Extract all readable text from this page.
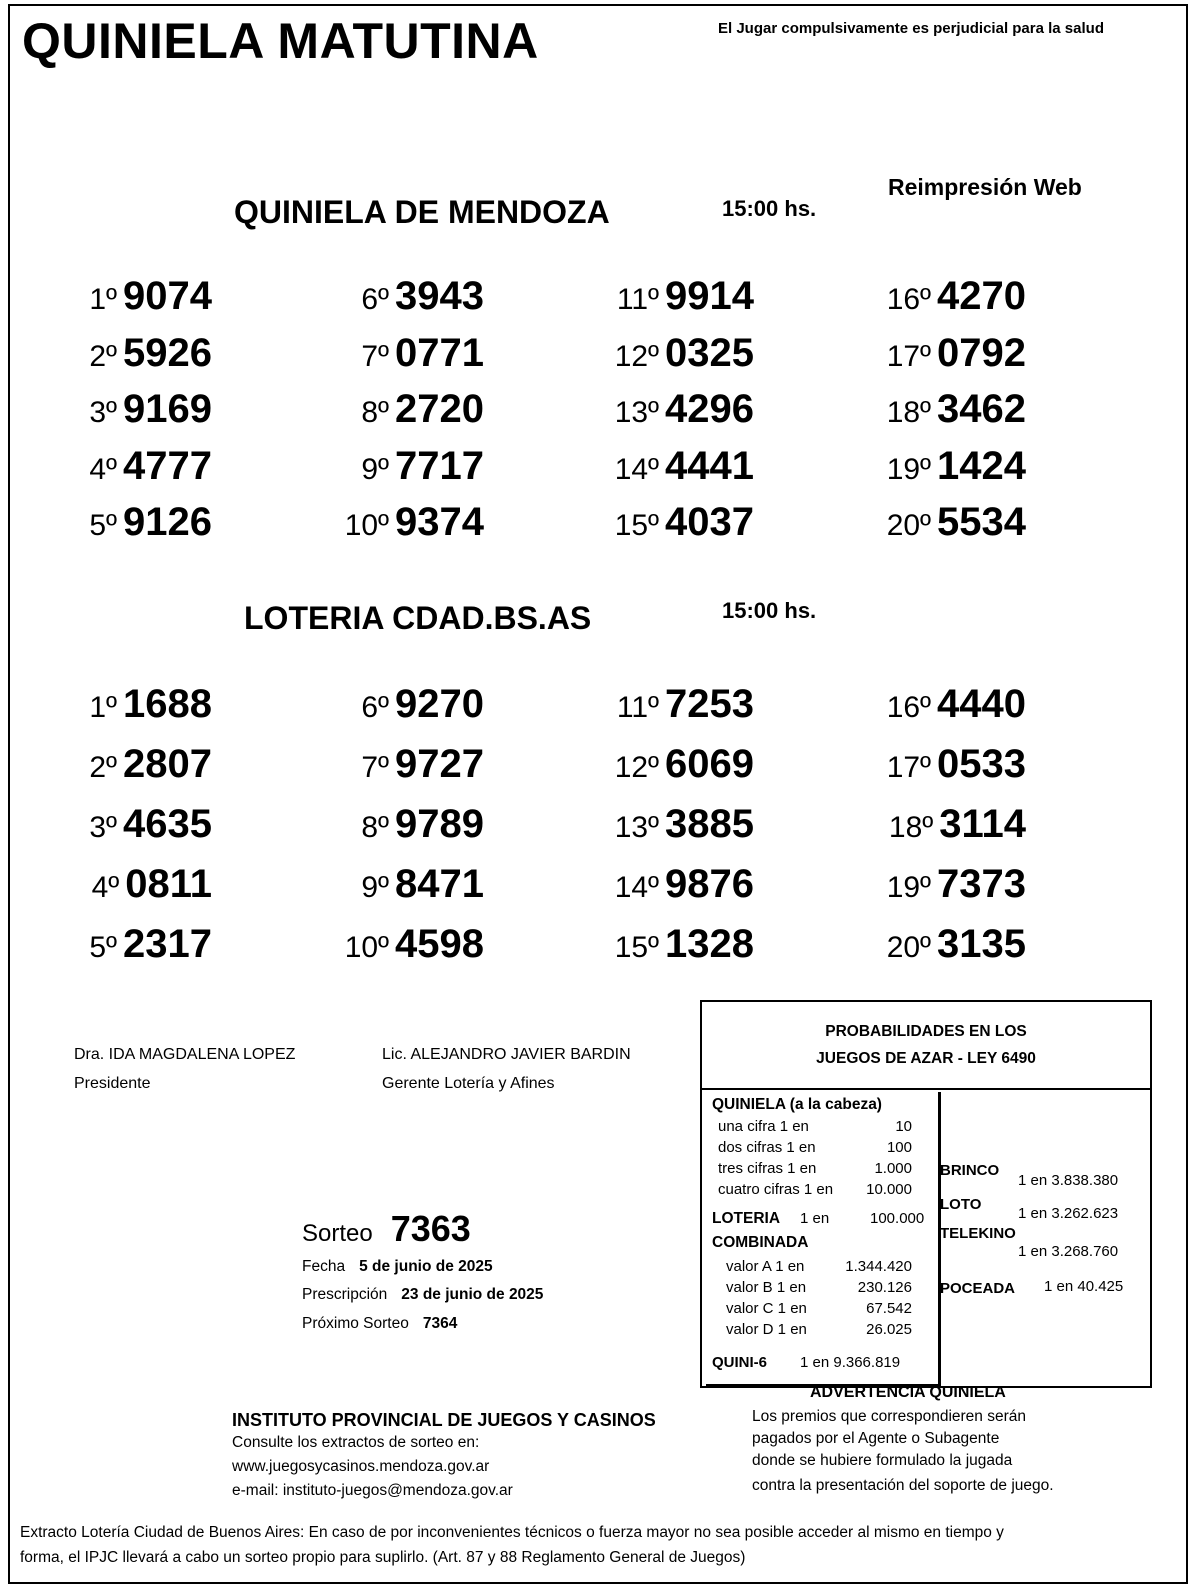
QUINIELA MATUTINA	El Jugar compulsivamente es perjudicial para la salud
Reimpresión Web
QUINIELA DE MENDOZA	15:00 hs.
1º 9074
2º 5926
3º 9169
4º 4777
5º 9126
6º 3943
7º 0771
8º 2720
9º 7717
10º 9374
11º 9914
12º 0325
13º 4296
14º 4441
15º 4037
16º 4270
17º 0792
18º 3462
19º 1424
20º 5534
LOTERIA CDAD.BS.AS	15:00 hs.
1º 1688
2º 2807
3º 4635
4º 0811
5º 2317
6º 9270
7º 9727
8º 9789
9º 8471
10º 4598
11º 7253
12º 6069
13º 3885
14º 9876
15º 1328
16º 4440
17º 0533
18º 3114
19º 7373
20º 3135
Dra. IDA MAGDALENA LOPEZ
Presidente
Lic. ALEJANDRO JAVIER BARDIN
Gerente Lotería y Afines
Sorteo 7363
Fecha 5 de junio de 2025
Prescripción 23 de junio de 2025
Próximo Sorteo 7364
PROBABILIDADES EN LOS
JUEGOS DE AZAR - LEY 6490
QUINIELA (a la cabeza)
una cifra 1 en	10
dos cifras 1 en	100
tres cifras 1 en	1.000
cuatro cifras 1 en 10.000
LOTERIA 1 en	100.000
COMBINADA
valor A 1 en	1.344.420
valor B 1 en	230.126
valor C 1 en	67.542
valor D 1 en	26.025
QUINI-6 1 en 9.366.819
BRINCO
1 en 3.838.380
LOTO
1 en 3.262.623
TELEKINO
1 en 3.268.760
POCEADA 1 en 40.425
INSTITUTO PROVINCIAL DE JUEGOS Y CASINOS
Consulte los extractos de sorteo en:
www.juegosycasinos.mendoza.gov.ar
e-mail: instituto-juegos@mendoza.gov.ar
ADVERTENCIA QUINIELA
Los premios que correspondieren serán
pagados por el Agente o Subagente
donde se hubiere formulado la jugada
contra la presentación del soporte de juego.
Extracto Lotería Ciudad de Buenos Aires: En caso de por inconvenientes técnicos o fuerza mayor no sea posible acceder al mismo en tiempo y
forma, el IPJC llevará a cabo un sorteo propio para suplirlo. (Art. 87 y 88 Reglamento General de Juegos)
